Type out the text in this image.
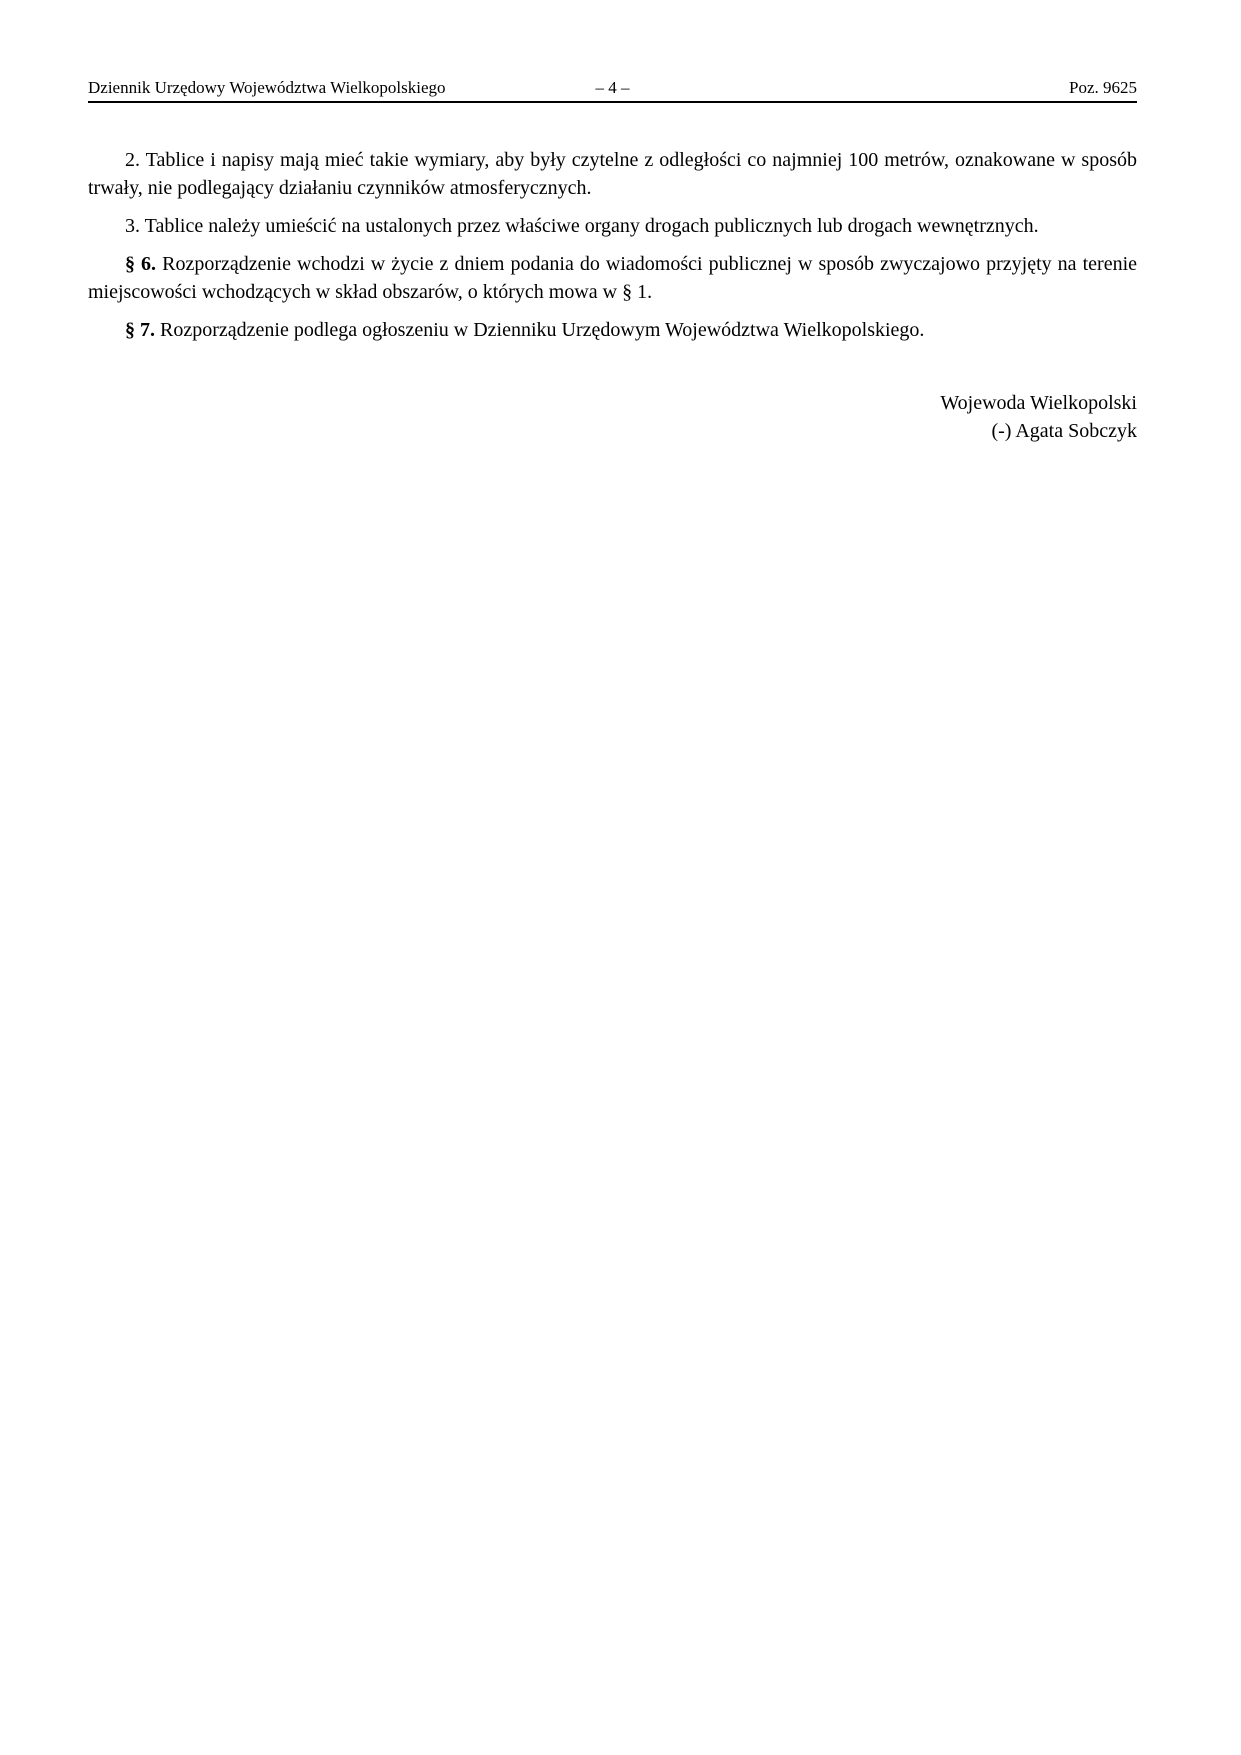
Dziennik Urzędowy Województwa Wielkopolskiego	– 4 –	Poz. 9625

2. Tablice i napisy mają mieć takie wymiary, aby były czytelne z odległości co najmniej 100 metrów, oznakowane w sposób trwały, nie podlegający działaniu czynników atmosferycznych.

3. Tablice należy umieścić na ustalonych przez właściwe organy drogach publicznych lub drogach wewnętrznych.

§ 6. Rozporządzenie wchodzi w życie z dniem podania do wiadomości publicznej w sposób zwyczajowo przyjęty na terenie miejscowości wchodzących w skład obszarów, o których mowa w § 1.

§ 7. Rozporządzenie podlega ogłoszeniu w Dzienniku Urzędowym Województwa Wielkopolskiego.

Wojewoda Wielkopolski
(-) Agata Sobczyk
